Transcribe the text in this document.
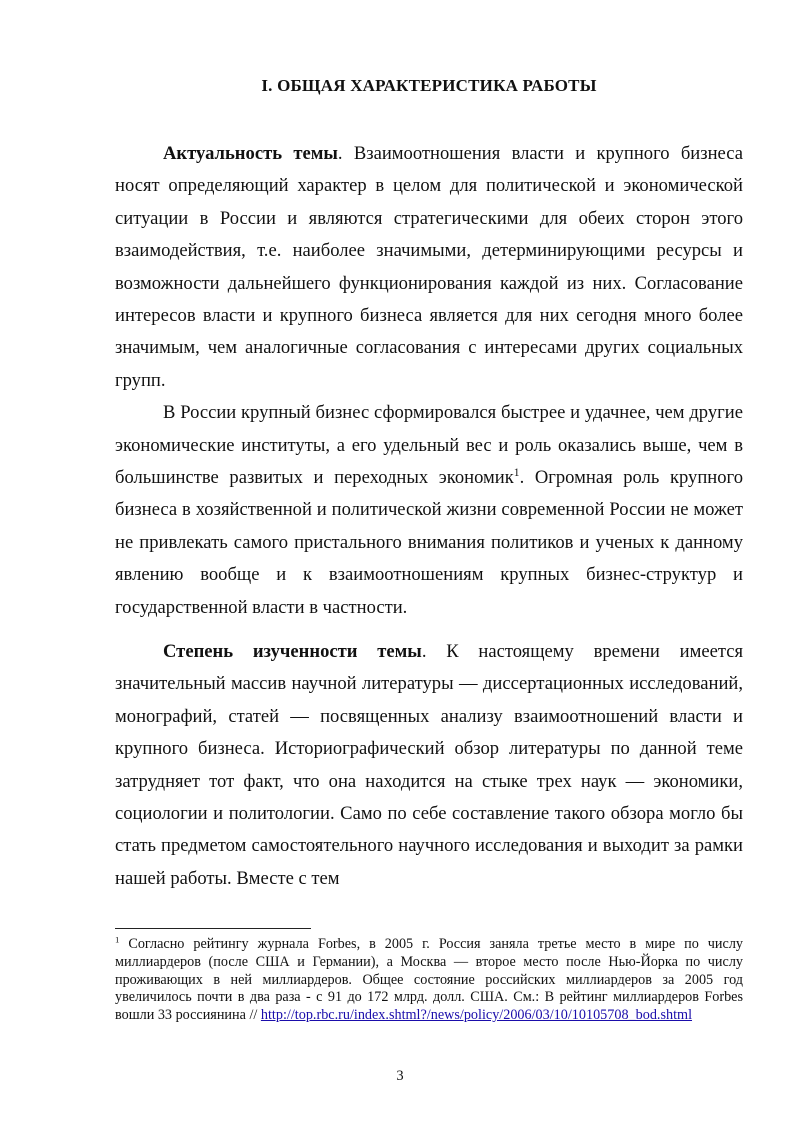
I. ОБЩАЯ ХАРАКТЕРИСТИКА РАБОТЫ

Актуальность темы. Взаимоотношения власти и крупного бизнеса носят определяющий характер в целом для политической и экономической ситуации в России и являются стратегическими для обеих сторон этого взаимодействия, т.е. наиболее значимыми, детерминирующими ресурсы и возможности дальнейшего функционирования каждой из них. Согласование интересов власти и крупного бизнеса является для них сегодня много более значимым, чем аналогичные согласования с интересами других социальных групп.

В России крупный бизнес сформировался быстрее и удачнее, чем другие экономические институты, а его удельный вес и роль оказались выше, чем в большинстве развитых и переходных экономик$^1$. Огромная роль крупного бизнеса в хозяйственной и политической жизни современной России не может не привлекать самого пристального внимания политиков и ученых к данному явлению вообще и к взаимоотношениям крупных бизнес-структур и государственной власти в частности.

Степень изученности темы. К настоящему времени имеется значительный массив научной литературы — диссертационных исследований, монографий, статей — посвященных анализу взаимоотношений власти и крупного бизнеса. Историографический обзор литературы по данной теме затрудняет тот факт, что она находится на стыке трех наук — экономики, социологии и политологии. Само по себе составление такого обзора могло бы стать предметом самостоятельного научного исследования и выходит за рамки нашей работы. Вместе с тем

$^1$ Согласно рейтингу журнала Forbes, в 2005 г. Россия заняла третье место в мире по числу миллиардеров (после США и Германии), а Москва — второе место после Нью-Йорка по числу проживающих в ней миллиардеров. Общее состояние российских миллиардеров за 2005 год увеличилось почти в два раза - с 91 до 172 млрд. долл. США. См.: В рейтинг миллиардеров Forbes вошли 33 россиянина // http://top.rbc.ru/index.shtml?/news/policy/2006/03/10/10105708_bod.shtml
3
